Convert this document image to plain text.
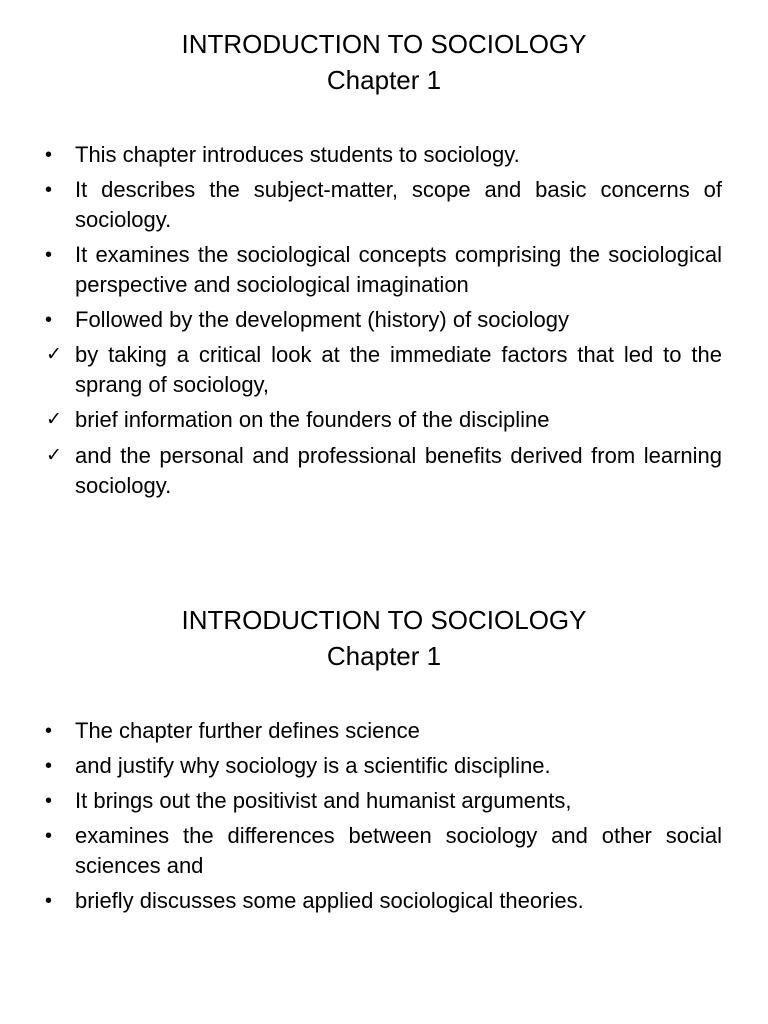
INTRODUCTION TO SOCIOLOGY
Chapter 1
•	This chapter introduces students to sociology.
•	It describes the subject-matter, scope and basic concerns of sociology.
•	It examines the sociological concepts comprising the sociological perspective and sociological imagination
•	Followed by the development (history) of sociology
✓ by taking a critical look at the immediate factors that led to the sprang of sociology,
✓ brief information on the founders of the discipline
✓ and the personal and professional benefits derived from learning sociology.
INTRODUCTION TO SOCIOLOGY
Chapter 1
•	The chapter further defines science
•	and justify why sociology is a scientific discipline.
•	It brings out the positivist and humanist arguments,
•	examines the differences between sociology and other social sciences and
•	briefly discusses some applied sociological theories.
